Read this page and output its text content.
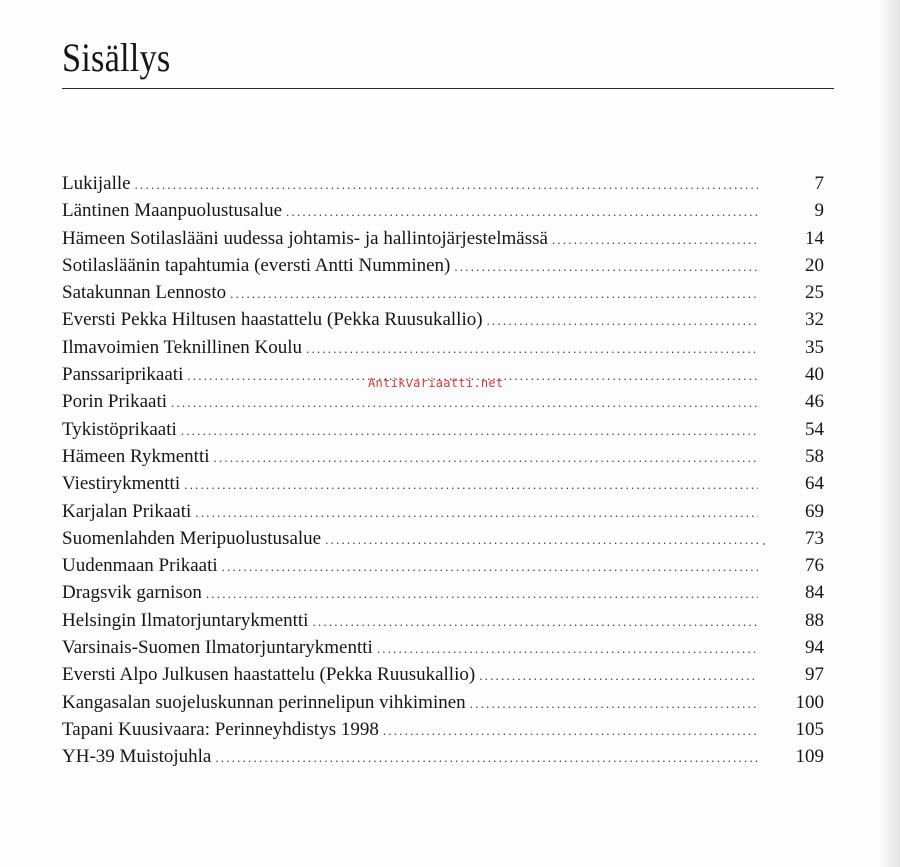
Sisällys
Lukijalle .....	7
Läntinen Maanpuolustusalue .....	9
Hämeen Sotilaslääni uudessa johtamis- ja hallintojärjestelmässä .....	14
Sotilasläänin tapahtumia (eversti Antti Numminen) .....	20
Satakunnan Lennosto .....	25
Eversti Pekka Hiltusen haastattelu (Pekka Ruusukallio) .....	32
Ilmavoimien Teknillinen Koulu .....	35
Panssariprikaati .....	40
Porin Prikaati .....	46
Tykistöprikaati .....	54
Hämeen Rykmentti .....	58
Viestirykmentti .....	64
Karjalan Prikaati .....	69
Suomenlahden Meripuolustusalue .....	73
Uudenmaan Prikaati .....	76
Dragsvik garnison .....	84
Helsingin Ilmatorjuntarykmentti .....	88
Varsinais-Suomen Ilmatorjuntarykmentti .....	94
Eversti Alpo Julkusen haastattelu (Pekka Ruusukallio) .....	97
Kangasalan suojeluskunnan perinnelipun vihkiminen .....	100
Tapani Kuusivaara: Perinneyhdistys 1998 .....	105
YH-39 Muistojuhla .....	109
Antikvariaatti.net
